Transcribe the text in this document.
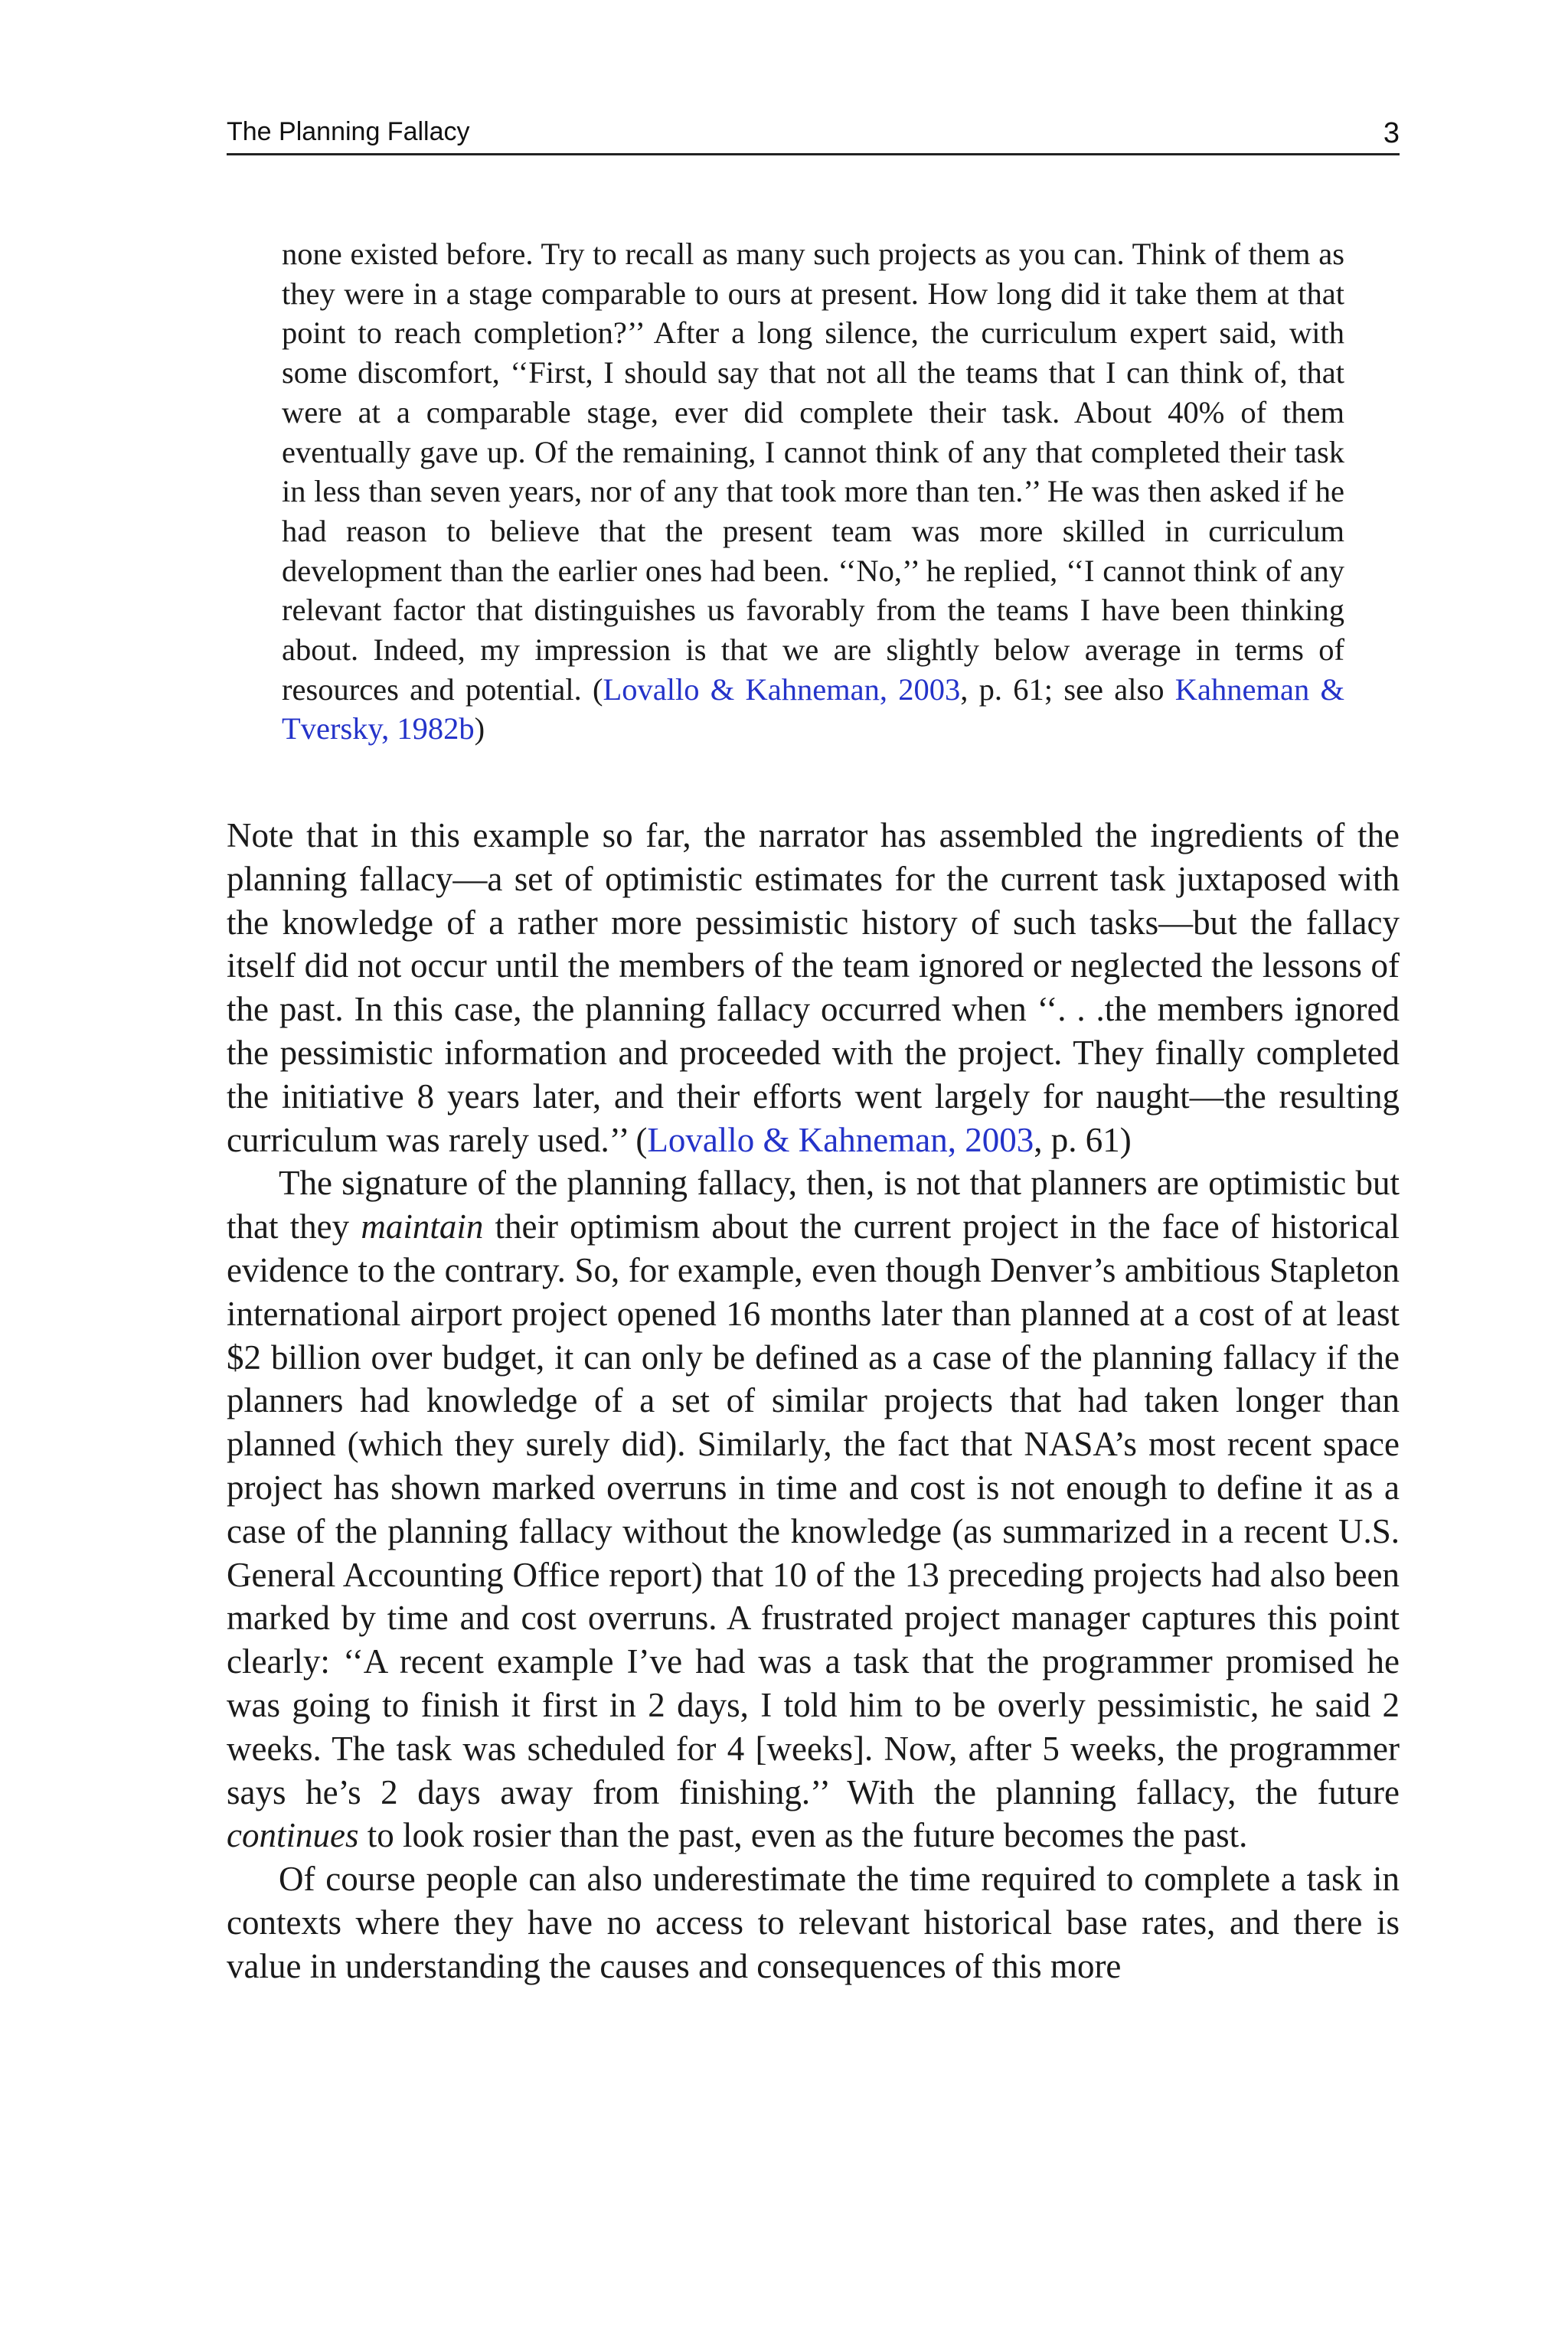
The Planning Fallacy	3

none existed before. Try to recall as many such projects as you can. Think of them as they were in a stage comparable to ours at present. How long did it take them at that point to reach completion?’’ After a long silence, the curriculum expert said, with some discomfort, ‘‘First, I should say that not all the teams that I can think of, that were at a comparable stage, ever did complete their task. About 40% of them eventually gave up. Of the remaining, I cannot think of any that completed their task in less than seven years, nor of any that took more than ten.’’ He was then asked if he had reason to believe that the present team was more skilled in curriculum development than the earlier ones had been. ‘‘No,’’ he replied, ‘‘I cannot think of any relevant factor that distinguishes us favorably from the teams I have been thinking about. Indeed, my impression is that we are slightly below average in terms of resources and potential. (Lovallo & Kahneman, 2003, p. 61; see also Kahneman & Tversky, 1982b)

Note that in this example so far, the narrator has assembled the ingredients of the planning fallacy—a set of optimistic estimates for the current task juxtaposed with the knowledge of a rather more pessimistic history of such tasks—but the fallacy itself did not occur until the members of the team ignored or neglected the lessons of the past. In this case, the planning fallacy occurred when ‘‘. . .the members ignored the pessimistic information and proceeded with the project. They finally completed the initiative 8 years later, and their efforts went largely for naught—the resulting curriculum was rarely used.’’ (Lovallo & Kahneman, 2003, p. 61)

The signature of the planning fallacy, then, is not that planners are optimistic but that they maintain their optimism about the current project in the face of historical evidence to the contrary. So, for example, even though Denver’s ambitious Stapleton international airport project opened 16 months later than planned at a cost of at least $2 billion over budget, it can only be defined as a case of the planning fallacy if the planners had knowledge of a set of similar projects that had taken longer than planned (which they surely did). Similarly, the fact that NASA’s most recent space project has shown marked overruns in time and cost is not enough to define it as a case of the planning fallacy without the knowledge (as summarized in a recent U.S. General Accounting Office report) that 10 of the 13 preceding projects had also been marked by time and cost overruns. A frustrated project manager captures this point clearly: ‘‘A recent example I’ve had was a task that the programmer promised he was going to finish it first in 2 days, I told him to be overly pessimistic, he said 2 weeks. The task was scheduled for 4 [weeks]. Now, after 5 weeks, the programmer says he’s 2 days away from finishing.’’ With the planning fallacy, the future continues to look rosier than the past, even as the future becomes the past.

Of course people can also underestimate the time required to complete a task in contexts where they have no access to relevant historical base rates, and there is value in understanding the causes and consequences of this more
